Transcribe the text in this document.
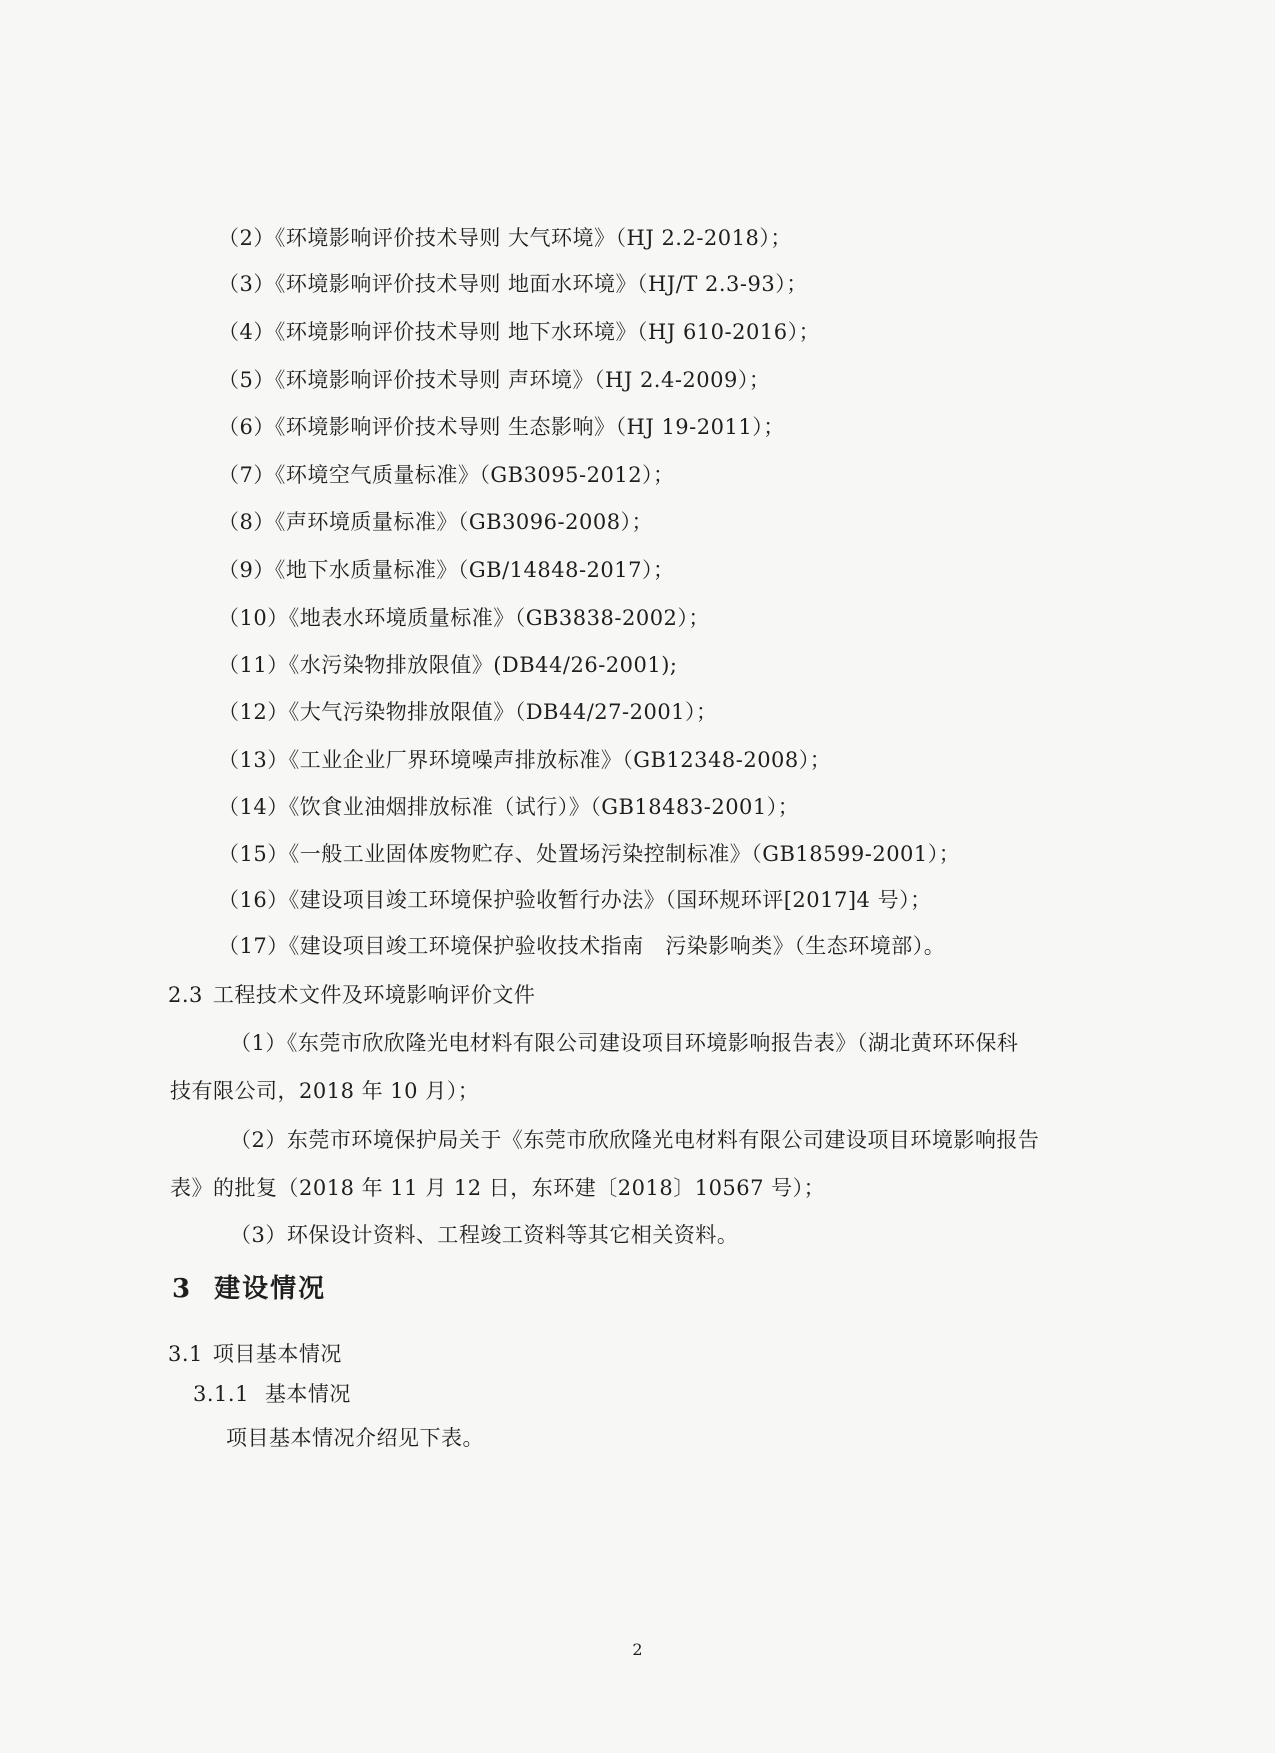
（2）《环境影响评价技术导则 大气环境》（HJ 2.2-2018）；
（3）《环境影响评价技术导则 地面水环境》（HJ/T 2.3-93）；
（4）《环境影响评价技术导则 地下水环境》（HJ 610-2016）；
（5）《环境影响评价技术导则 声环境》（HJ 2.4-2009）；
（6）《环境影响评价技术导则 生态影响》（HJ 19-2011）；
（7）《环境空气质量标准》（GB3095-2012）；
（8）《声环境质量标准》（GB3096-2008）；
（9）《地下水质量标准》（GB/14848-2017）；
（10）《地表水环境质量标准》（GB3838-2002）；
（11）《水污染物排放限值》(DB44/26-2001);
（12）《大气污染物排放限值》（DB44/27-2001）；
（13）《工业企业厂界环境噪声排放标准》（GB12348-2008）；
（14）《饮食业油烟排放标准（试行）》（GB18483-2001）；
（15）《一般工业固体废物贮存、处置场污染控制标准》（GB18599-2001）；
（16）《建设项目竣工环境保护验收暂行办法》（国环规环评[2017]4 号）；
（17）《建设项目竣工环境保护验收技术指南　污染影响类》（生态环境部）。
2.3 工程技术文件及环境影响评价文件
（1）《东莞市欣欣隆光电材料有限公司建设项目环境影响报告表》（湖北黄环环保科
技有限公司，2018 年 10 月）；
（2）东莞市环境保护局关于《东莞市欣欣隆光电材料有限公司建设项目环境影响报告
表》的批复（2018 年 11 月 12 日，东环建〔2018〕10567 号）；
（3）环保设计资料、工程竣工资料等其它相关资料。
3 建设情况
3.1 项目基本情况
3.1.1 基本情况
项目基本情况介绍见下表。
2
